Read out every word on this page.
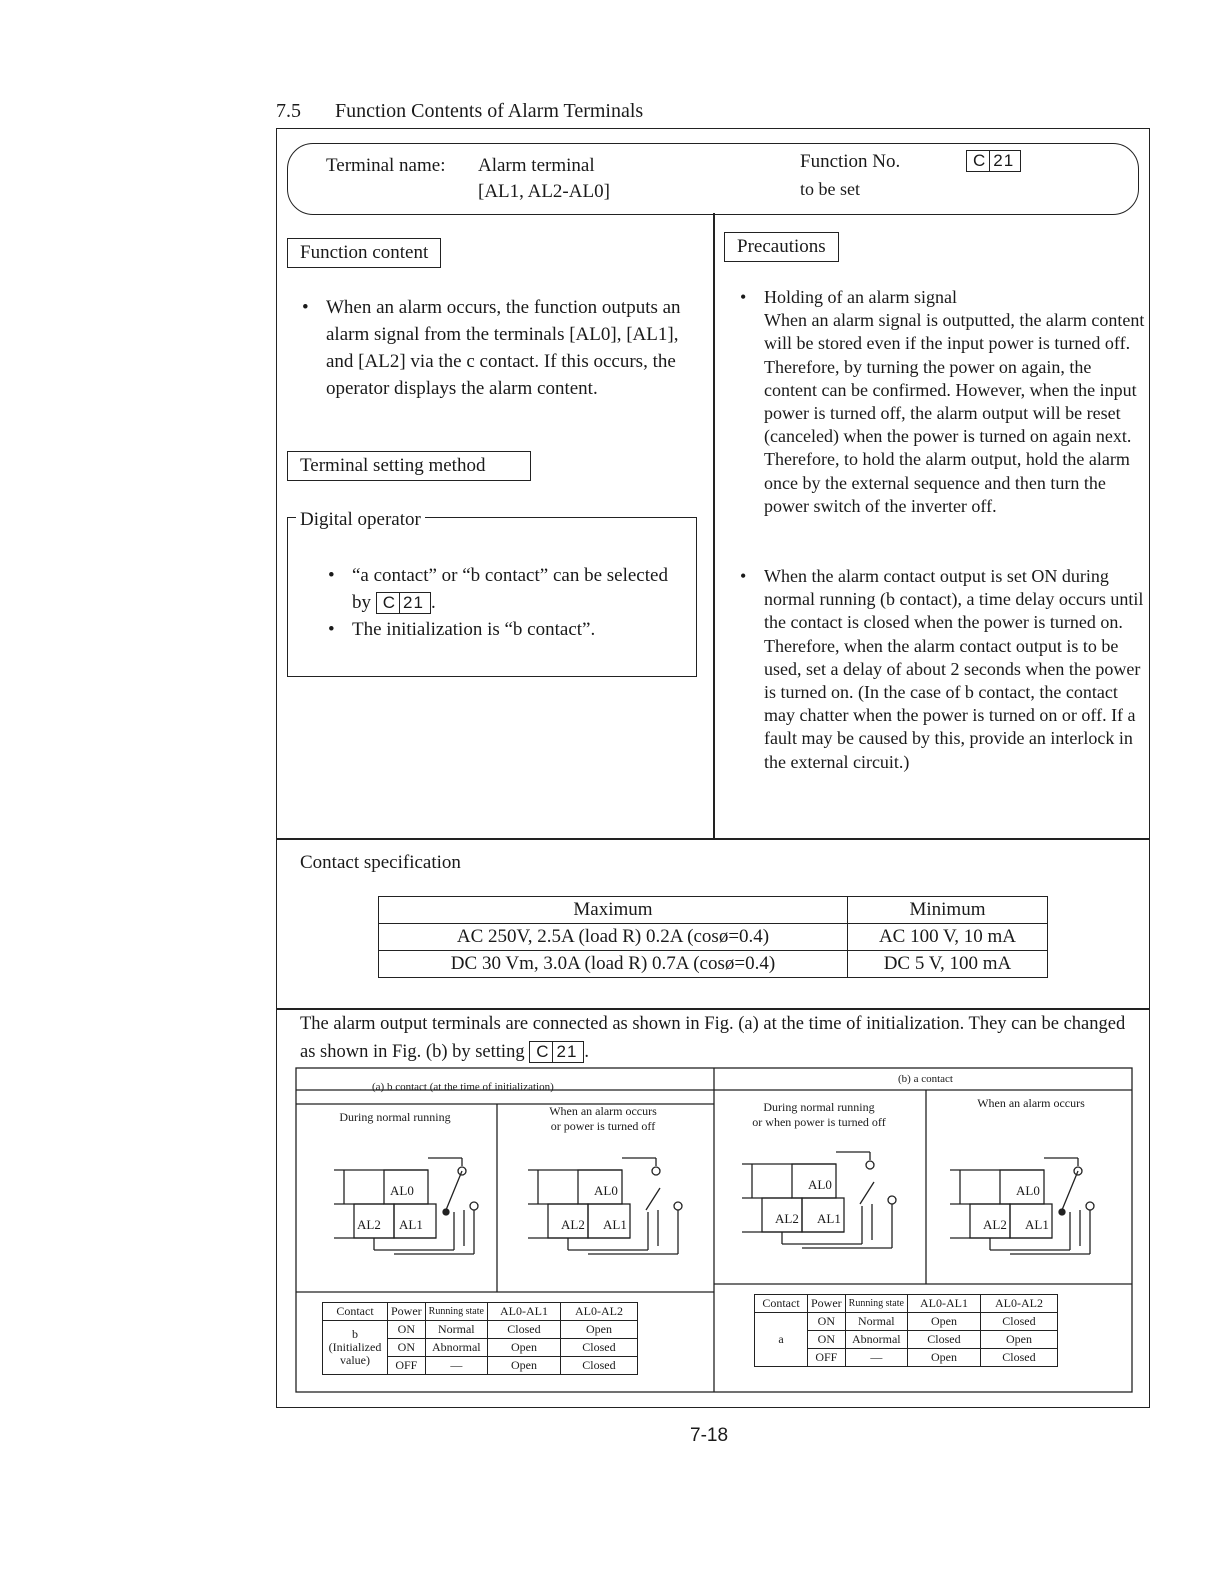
7.5 Function Contents of Alarm Terminals
Terminal name: Alarm terminal
[AL1, AL2-AL0]
Function No.
to be set
C 21
Function content
• When an alarm occurs, the function outputs an alarm signal from the terminals [AL0], [AL1], and [AL2] via the c contact. If this occurs, the operator displays the alarm content.
Terminal setting method
Digital operator
• “a contact” or “b contact” can be selected by C 21 .
• The initialization is “b contact”.
Precautions
• Holding of an alarm signal
When an alarm signal is outputted, the alarm content will be stored even if the input power is turned off. Therefore, by turning the power on again, the content can be confirmed. However, when the input power is turned off, the alarm output will be reset (canceled) when the power is turned on again next. Therefore, to hold the alarm output, hold the alarm once by the external sequence and then turn the power switch of the inverter off.
• When the alarm contact output is set ON during normal running (b contact), a time delay occurs until the contact is closed when the power is turned on. Therefore, when the alarm contact output is to be used, set a delay of about 2 seconds when the power is turned on. (In the case of b contact, the contact may chatter when the power is turned on or off. If a fault may be caused by this, provide an interlock in the external circuit.)
Contact specification
Maximum	Minimum
AC 250V, 2.5A (load R) 0.2A (cosø=0.4)	AC 100 V, 10 mA
DC 30 Vm, 3.0A (load R) 0.7A (cosø=0.4)	DC 5 V, 100 mA
The alarm output terminals are connected as shown in Fig. (a) at the time of initialization. They can be changed as shown in Fig. (b) by setting C 21 .
(a) b contact (at the time of initialization)
(b) a contact
During normal running	When an alarm occurs
or power is turned off
During normal running
or when power is turned off
When an alarm occurs
AL0
AL2 AL1
AL0
AL2 AL1
AL0
AL2 AL1
AL0
AL2 AL1
Contact	Power	Running state	AL0-AL1	AL0-AL2

b
(Initialized value)	ON	Normal	Closed	Open
	ON	Abnormal	Open	Closed
	OFF	—	Open	Closed
Contact	Power	Running state	AL0-AL1	AL0-AL2
a	ON	Normal	Open	Closed
	ON	Abnormal	Closed	Open
	OFF	—	Open	Closed
7-18
